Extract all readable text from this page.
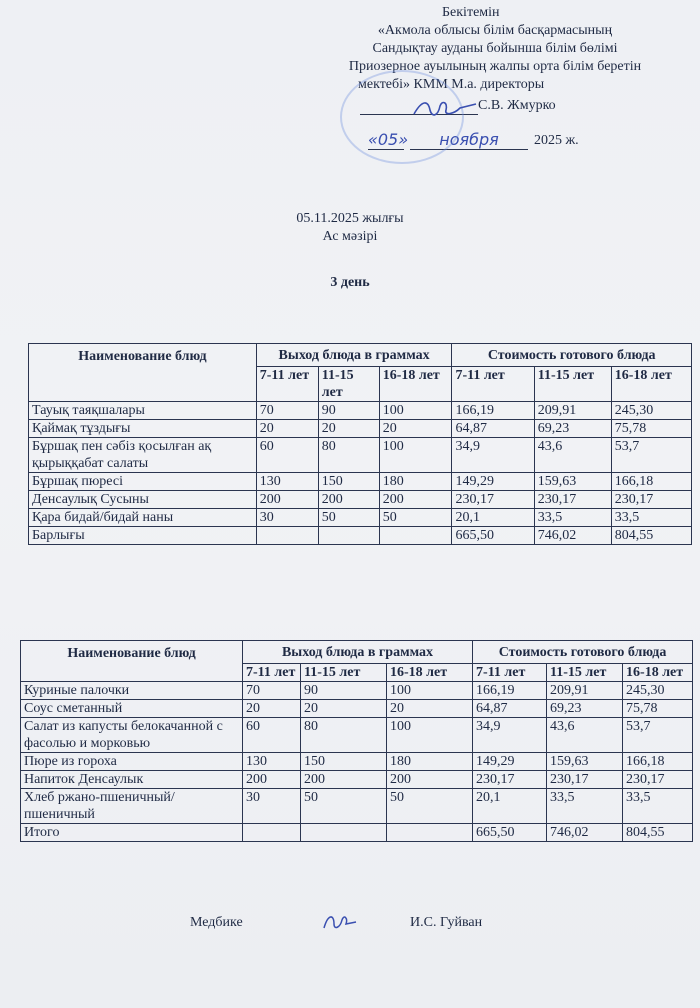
Бекітемін
«Акмола облысы білім басқармасының
Сандықтау ауданы бойынша білім бөлімі
Приозерное ауылының жалпы орта білім беретін
мектебі» КММ М.а. директоры
С.В. Жмурко
«05»	ноября	2025 ж.
05.11.2025 жылғы
Ас мәзірі
3 день
Наименование блюд	Выход блюда в граммах			Стоимость готового блюда		
	7-11 лет	11-15 лет	16-18 лет	7-11 лет	11-15 лет	16-18 лет
Тауық таяқшалары	70	90	100	166,19	209,91	245,30
Қаймақ тұздығы	20	20	20	64,87	69,23	75,78
Бұршақ пен сәбіз қосылған ақ қырыққабат салаты	60	80	100	34,9	43,6	53,7
Бұршақ пюресі	130	150	180	149,29	159,63	166,18
Денсаулық Сусыны	200	200	200	230,17	230,17	230,17
Қара бидай/бидай наны	30	50	50	20,1	33,5	33,5
Барлығы				665,50	746,02	804,55
Наименование блюд	Выход блюда в граммах			Стоимость готового блюда		
	7-11 лет	11-15 лет	16-18 лет	7-11 лет	11-15 лет	16-18 лет
Куриные палочки	70	90	100	166,19	209,91	245,30
Соус сметанный	20	20	20	64,87	69,23	75,78
Салат из капусты белокачанной с фасолью и морковью	60	80	100	34,9	43,6	53,7
Пюре из гороха	130	150	180	149,29	159,63	166,18
Напиток Денсаулык	200	200	200	230,17	230,17	230,17
Хлеб ржано-пшеничный/пшеничный	30	50	50	20,1	33,5	33,5
Итого				665,50	746,02	804,55
Медбике	И.С. Гуйван
